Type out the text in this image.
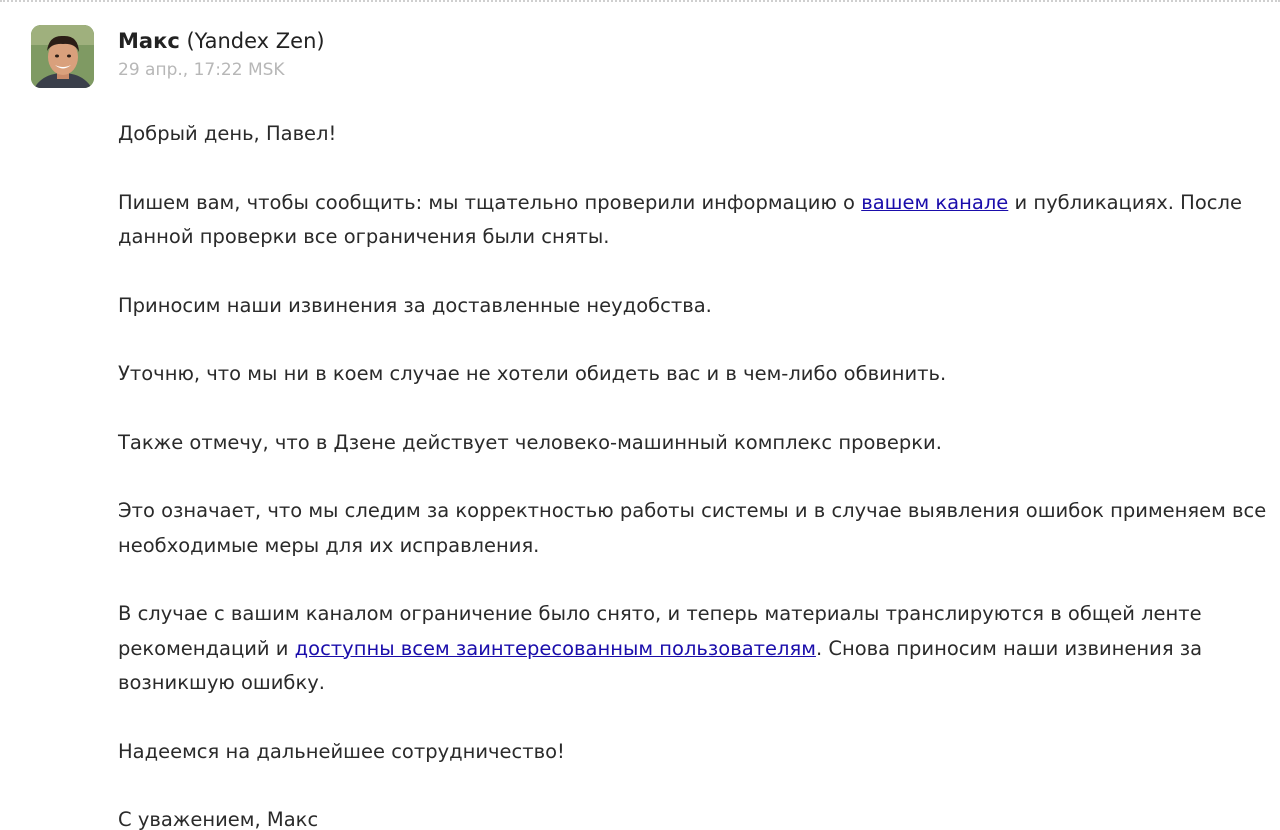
Макс (Yandex Zen)
29 апр., 17:22 MSK

Добрый день, Павел!

Пишем вам, чтобы сообщить: мы тщательно проверили информацию о вашем канале и публикациях. После данной проверки все ограничения были сняты.

Приносим наши извинения за доставленные неудобства.

Уточню, что мы ни в коем случае не хотели обидеть вас и в чем-либо обвинить.

Также отмечу, что в Дзене действует человеко-машинный комплекс проверки.

Это означает, что мы следим за корректностью работы системы и в случае выявления ошибок применяем все необходимые меры для их исправления.

В случае с вашим каналом ограничение было снято, и теперь материалы транслируются в общей ленте рекомендаций и доступны всем заинтересованным пользователям. Снова приносим наши извинения за возникшую ошибку.

Надеемся на дальнейшее сотрудничество!

С уважением, Макс
